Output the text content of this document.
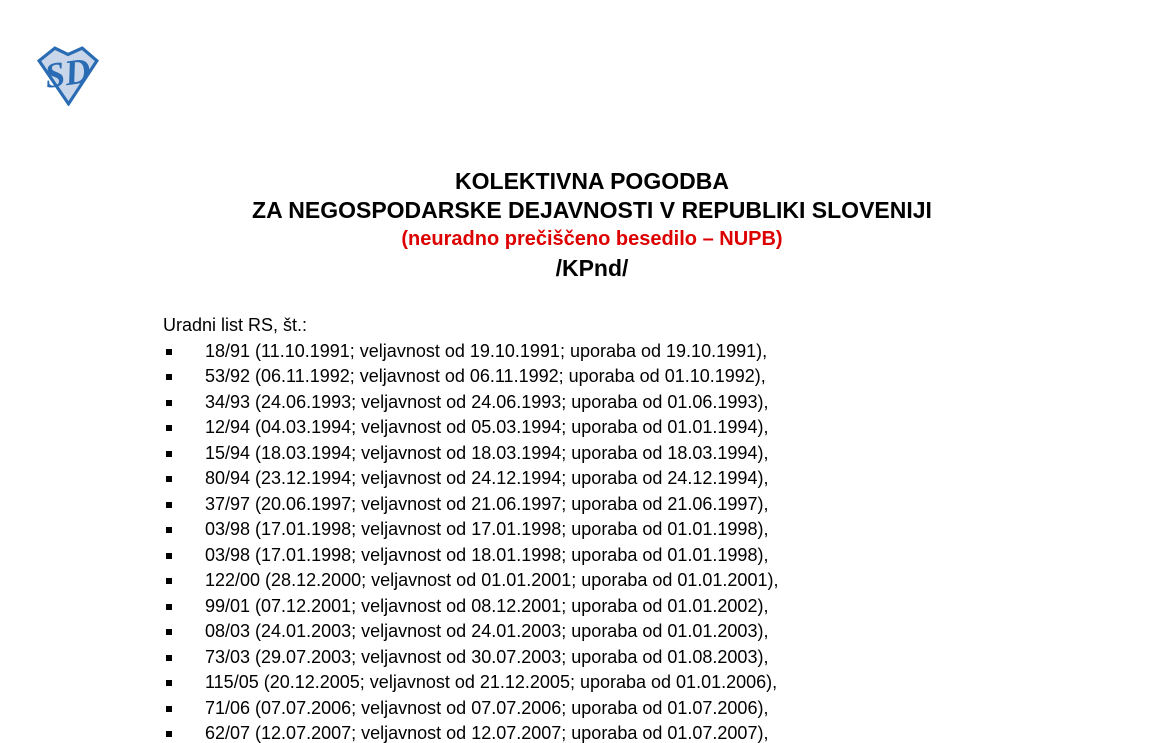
SD
KOLEKTIVNA POGODBA
ZA NEGOSPODARSKE DEJAVNOSTI V REPUBLIKI SLOVENIJI
(neuradno prečiščeno besedilo – NUPB)
/KPnd/
Uradni list RS, št.:
18/91 (11.10.1991; veljavnost od 19.10.1991; uporaba od 19.10.1991),
53/92 (06.11.1992; veljavnost od 06.11.1992; uporaba od 01.10.1992),
34/93 (24.06.1993; veljavnost od 24.06.1993; uporaba od 01.06.1993),
12/94 (04.03.1994; veljavnost od 05.03.1994; uporaba od 01.01.1994),
15/94 (18.03.1994; veljavnost od 18.03.1994; uporaba od 18.03.1994),
80/94 (23.12.1994; veljavnost od 24.12.1994; uporaba od 24.12.1994),
37/97 (20.06.1997; veljavnost od 21.06.1997; uporaba od 21.06.1997),
03/98 (17.01.1998; veljavnost od 17.01.1998; uporaba od 01.01.1998),
03/98 (17.01.1998; veljavnost od 18.01.1998; uporaba od 01.01.1998),
122/00 (28.12.2000; veljavnost od 01.01.2001; uporaba od 01.01.2001),
99/01 (07.12.2001; veljavnost od 08.12.2001; uporaba od 01.01.2002),
08/03 (24.01.2003; veljavnost od 24.01.2003; uporaba od 01.01.2003),
73/03 (29.07.2003; veljavnost od 30.07.2003; uporaba od 01.08.2003),
115/05 (20.12.2005; veljavnost od 21.12.2005; uporaba od 01.01.2006),
71/06 (07.07.2006; veljavnost od 07.07.2006; uporaba od 01.07.2006),
62/07 (12.07.2007; veljavnost od 12.07.2007; uporaba od 01.07.2007),
